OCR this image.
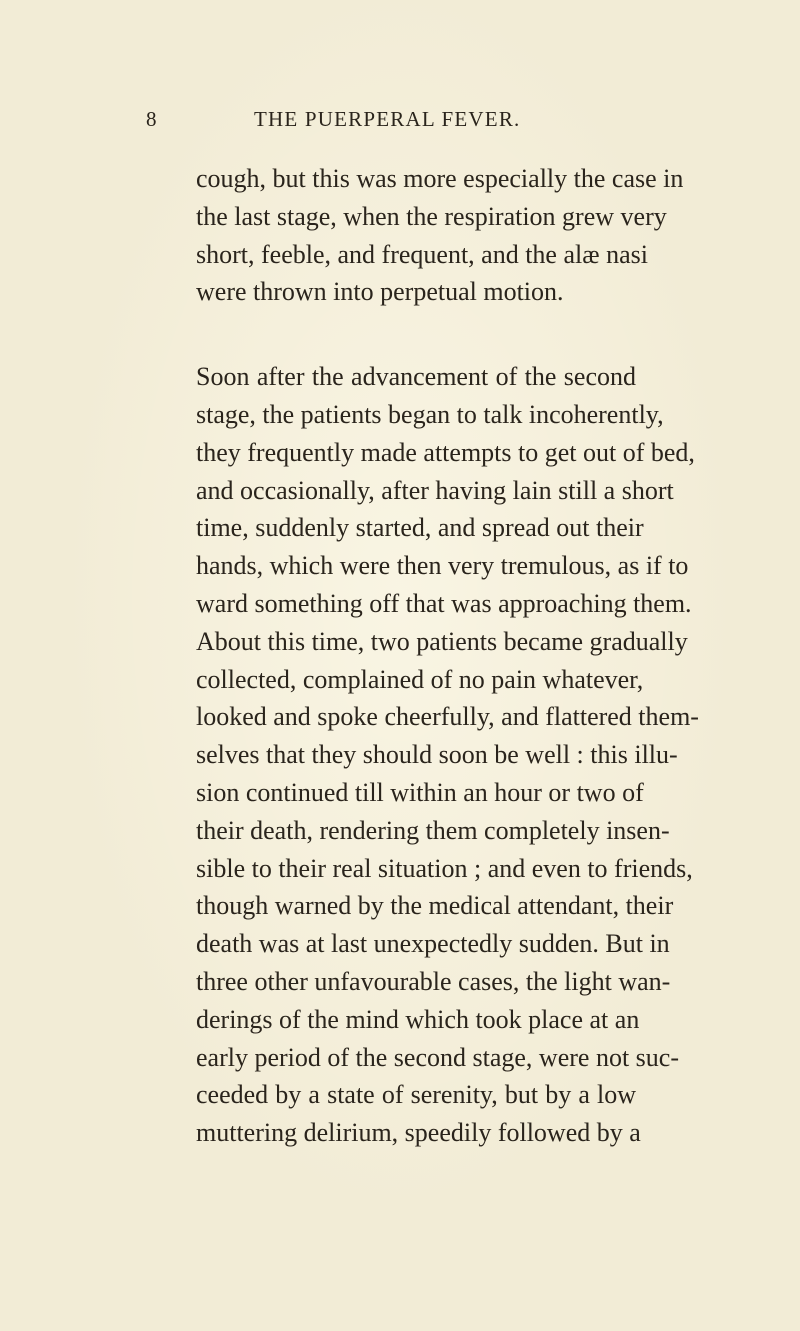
8	THE PUERPERAL FEVER.
cough, but this was more especially the case in
the last stage, when the respiration grew very
short, feeble, and frequent, and the alæ nasi
were thrown into perpetual motion.
Soon after the advancement of the second
stage, the patients began to talk incoherently,
they frequently made attempts to get out of bed,
and occasionally, after having lain still a short
time, suddenly started, and spread out their
hands, which were then very tremulous, as if to
ward something off that was approaching them.
About this time, two patients became gradually
collected, complained of no pain whatever,
looked and spoke cheerfully, and flattered them-
selves that they should soon be well : this illu-
sion continued till within an hour or two of
their death, rendering them completely insen-
sible to their real situation ; and even to friends,
though warned by the medical attendant, their
death was at last unexpectedly sudden. But in
three other unfavourable cases, the light wan-
derings of the mind which took place at an
early period of the second stage, were not suc-
ceeded by a state of serenity, but by a low
muttering delirium, speedily followed by a
